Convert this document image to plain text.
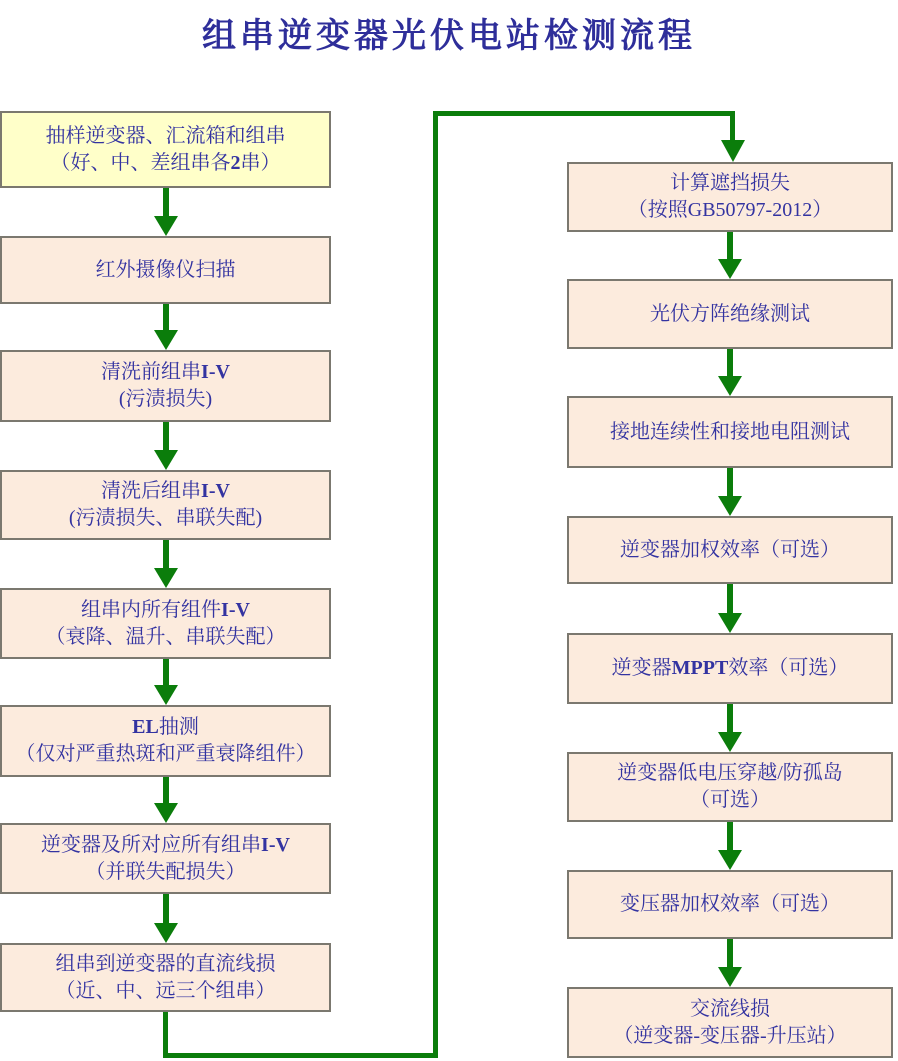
组串逆变器光伏电站检测流程
抽样逆变器、汇流箱和组串
（好、中、差组串各2串）
红外摄像仪扫描
清洗前组串I-V
(污渍损失)
清洗后组串I-V
(污渍损失、串联失配)
组串内所有组件I-V
（衰降、温升、串联失配）
EL抽测
（仅对严重热斑和严重衰降组件）
逆变器及所对应所有组串I-V
（并联失配损失）
组串到逆变器的直流线损
（近、中、远三个组串）
计算遮挡损失
（按照GB50797-2012）
光伏方阵绝缘测试
接地连续性和接地电阻测试
逆变器加权效率（可选）
逆变器MPPT效率（可选）
逆变器低电压穿越/防孤岛
（可选）
变压器加权效率（可选）
交流线损
（逆变器-变压器-升压站）
